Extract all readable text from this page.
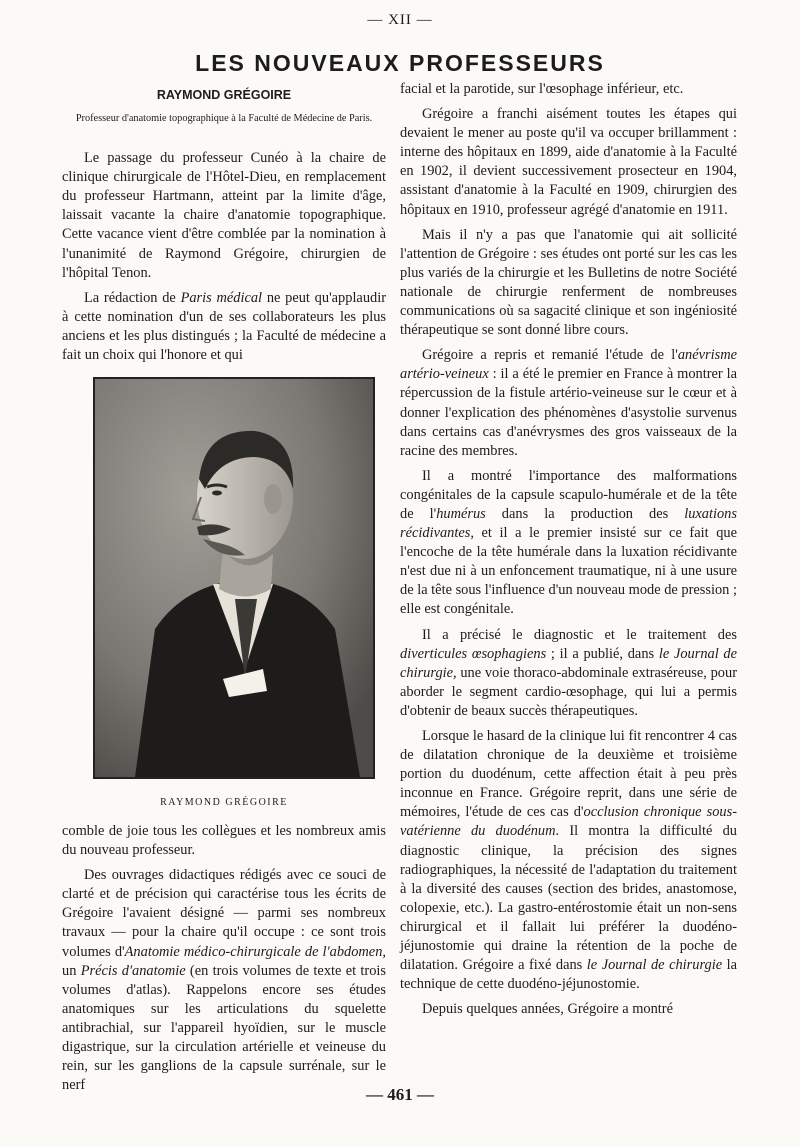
— XII —
LES NOUVEAUX PROFESSEURS
RAYMOND GRÉGOIRE
Professeur d'anatomie topographique à la Faculté de Médecine de Paris.

Le passage du professeur Cunéo à la chaire de clinique chirurgicale de l'Hôtel-Dieu, en remplacement du professeur Hartmann, atteint par la limite d'âge, laissait vacante la chaire d'anatomie topographique. Cette vacance vient d'être comblée par la nomination à l'unanimité de Raymond Grégoire, chirurgien de l'hôpital Tenon.

La rédaction de Paris médical ne peut qu'applaudir à cette nomination d'un de ses collaborateurs les plus anciens et les plus distingués ; la Faculté de médecine a fait un choix qui l'honore et qui

RAYMOND GRÉGOIRE

comble de joie tous les collègues et les nombreux amis du nouveau professeur.

Des ouvrages didactiques rédigés avec ce souci de clarté et de précision qui caractérise tous les écrits de Grégoire l'avaient désigné — parmi ses nombreux travaux — pour la chaire qu'il occupe : ce sont trois volumes d'Anatomie médico-chirurgicale de l'abdomen, un Précis d'anatomie (en trois volumes de texte et trois volumes d'atlas). Rappelons encore ses études anatomiques sur les articulations du squelette antibrachial, sur l'appareil hyoïdien, sur le muscle digastrique, sur la circulation artérielle et veineuse du rein, sur les ganglions de la capsule surrénale, sur le nerf

facial et la parotide, sur l'œsophage inférieur, etc.

Grégoire a franchi aisément toutes les étapes qui devaient le mener au poste qu'il va occuper brillamment : interne des hôpitaux en 1899, aide d'anatomie à la Faculté en 1902, il devient successivement prosecteur en 1904, assistant d'anatomie à la Faculté en 1909, chirurgien des hôpitaux en 1910, professeur agrégé d'anatomie en 1911.

Mais il n'y a pas que l'anatomie qui ait sollicité l'attention de Grégoire : ses études ont porté sur les cas les plus variés de la chirurgie et les Bulletins de notre Société nationale de chirurgie renferment de nombreuses communications où sa sagacité clinique et son ingéniosité thérapeutique se sont donné libre cours.

Grégoire a repris et remanié l'étude de l'anévrisme artério-veineux : il a été le premier en France à montrer la répercussion de la fistule artério-veineuse sur le cœur et à donner l'explication des phénomènes d'asystolie survenus dans certains cas d'anévrysmes des gros vaisseaux de la racine des membres.

Il a montré l'importance des malformations congénitales de la capsule scapulo-humérale et de la tête de l'humérus dans la production des luxations récidivantes, et il a le premier insisté sur ce fait que l'encoche de la tête humérale dans la luxation récidivante n'est due ni à un enfoncement traumatique, ni à une usure de la tête sous l'influence d'un nouveau mode de pression ; elle est congénitale.

Il a précisé le diagnostic et le traitement des diverticules œsophagiens ; il a publié, dans le Journal de chirurgie, une voie thoraco-abdominale extraséreuse, pour aborder le segment cardio-œsophage, qui lui a permis d'obtenir de beaux succès thérapeutiques.

Lorsque le hasard de la clinique lui fit rencontrer 4 cas de dilatation chronique de la deuxième et troisième portion du duodénum, cette affection était à peu près inconnue en France. Grégoire reprit, dans une série de mémoires, l'étude de ces cas d'occlusion chronique sous-vatérienne du duodénum. Il montra la difficulté du diagnostic clinique, la précision des signes radiographiques, la nécessité de l'adaptation du traitement à la diversité des causes (section des brides, anastomose, colopexie, etc.). La gastro-entérostomie était un non-sens chirurgical et il fallait lui préférer la duodéno-jéjunostomie qui draine la rétention de la poche de dilatation. Grégoire a fixé dans le Journal de chirurgie la technique de cette duodéno-jéjunostomie.

Depuis quelques années, Grégoire a montré

— 461 —
